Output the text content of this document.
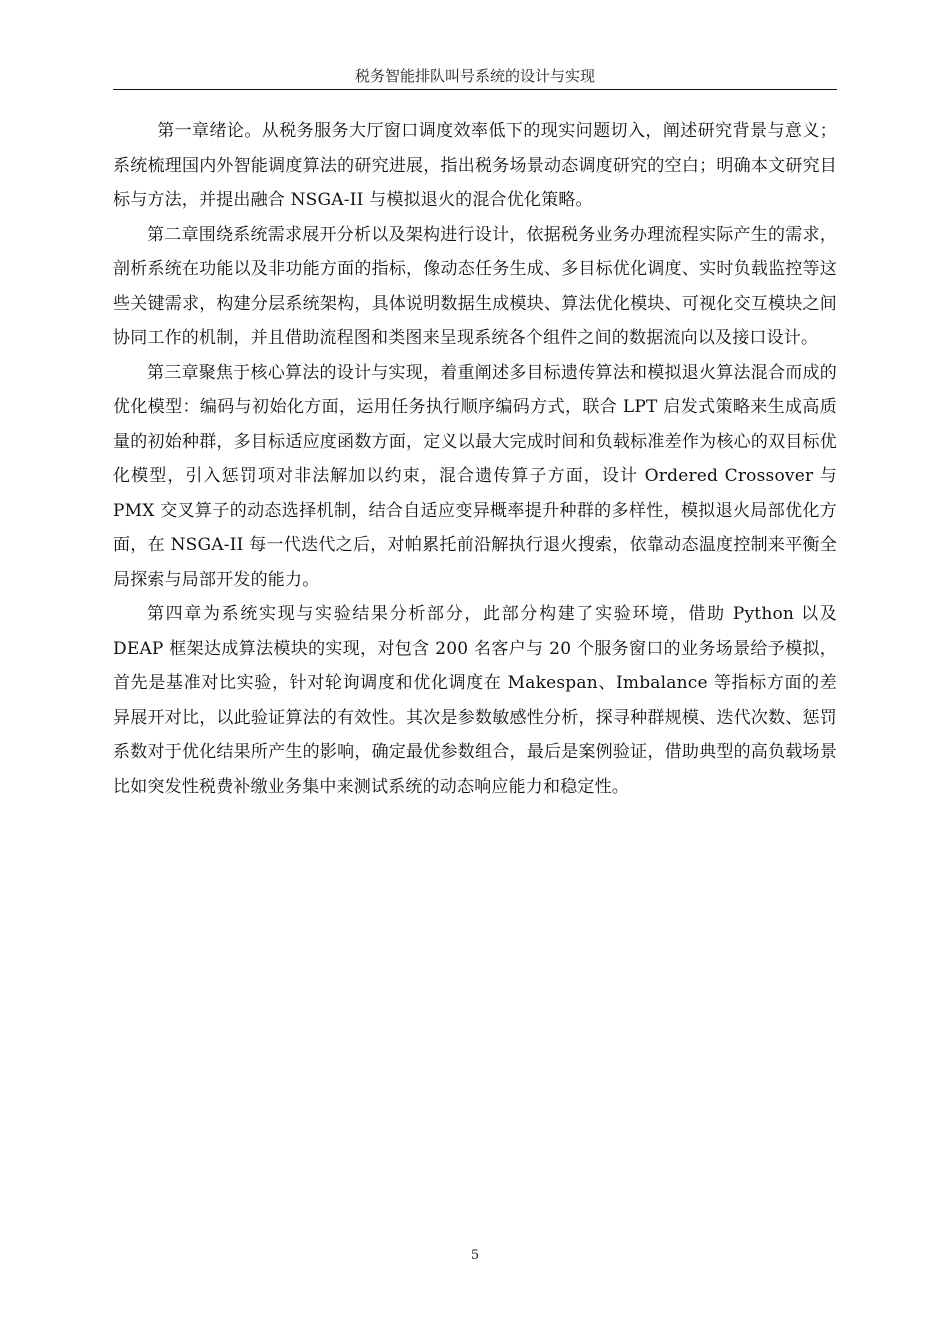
税务智能排队叫号系统的设计与实现

第一章绪论。从税务服务大厅窗口调度效率低下的现实问题切入，阐述研究背景与意义；系统梳理国内外智能调度算法的研究进展，指出税务场景动态调度研究的空白；明确本文研究目标与方法，并提出融合 NSGA-II 与模拟退火的混合优化策略。

第二章围绕系统需求展开分析以及架构进行设计，依据税务业务办理流程实际产生的需求，剖析系统在功能以及非功能方面的指标，像动态任务生成、多目标优化调度、实时负载监控等这些关键需求，构建分层系统架构，具体说明数据生成模块、算法优化模块、可视化交互模块之间协同工作的机制，并且借助流程图和类图来呈现系统各个组件之间的数据流向以及接口设计。

第三章聚焦于核心算法的设计与实现，着重阐述多目标遗传算法和模拟退火算法混合而成的优化模型：编码与初始化方面，运用任务执行顺序编码方式，联合 LPT 启发式策略来生成高质量的初始种群，多目标适应度函数方面，定义以最大完成时间和负载标准差作为核心的双目标优化模型，引入惩罚项对非法解加以约束，混合遗传算子方面，设计 Ordered Crossover 与 PMX 交叉算子的动态选择机制，结合自适应变异概率提升种群的多样性，模拟退火局部优化方面，在 NSGA-II 每一代迭代之后，对帕累托前沿解执行退火搜索，依靠动态温度控制来平衡全局探索与局部开发的能力。

第四章为系统实现与实验结果分析部分，此部分构建了实验环境，借助 Python 以及 DEAP 框架达成算法模块的实现，对包含 200 名客户与 20 个服务窗口的业务场景给予模拟，首先是基准对比实验，针对轮询调度和优化调度在 Makespan、Imbalance 等指标方面的差异展开对比，以此验证算法的有效性。其次是参数敏感性分析，探寻种群规模、迭代次数、惩罚系数对于优化结果所产生的影响，确定最优参数组合，最后是案例验证，借助典型的高负载场景比如突发性税费补缴业务集中来测试系统的动态响应能力和稳定性。

5
